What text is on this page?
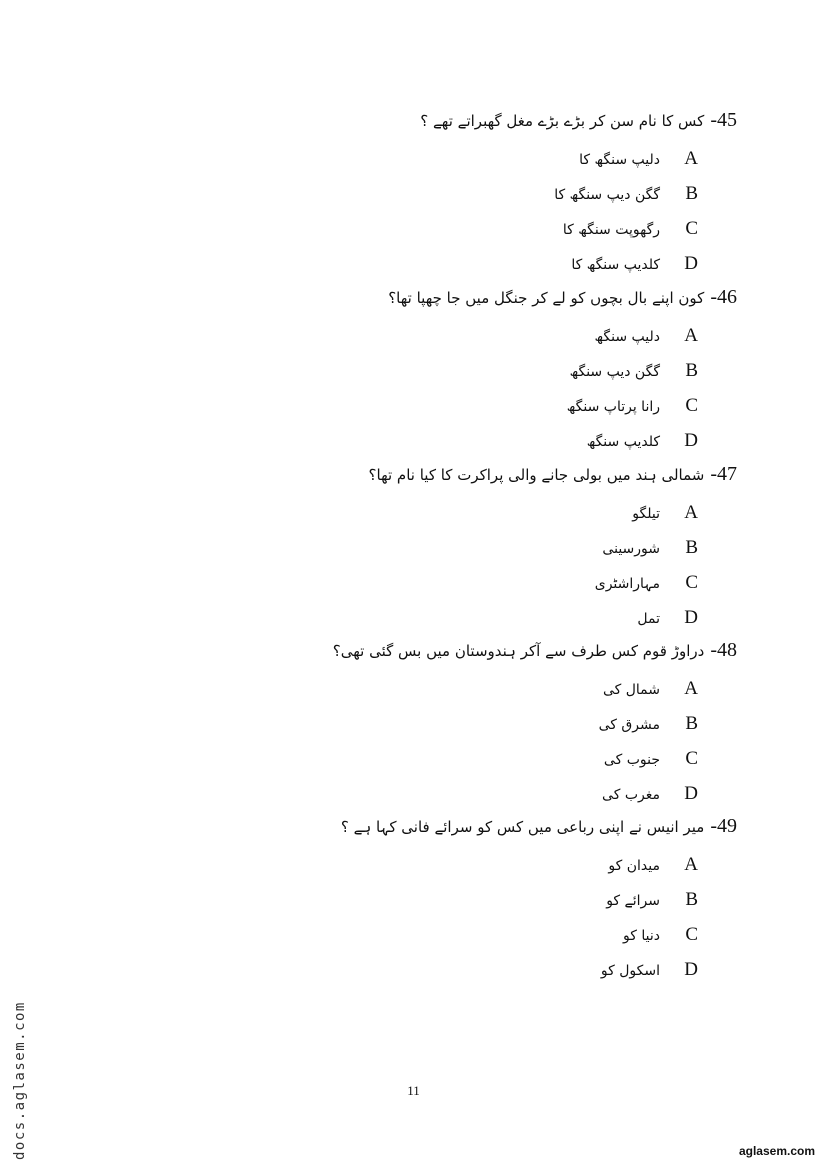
-45
کس کا نام سن کر بڑے بڑے مغل گھبراتے تھے ؟
A
دلیپ سنگھ کا
B
گگن دیپ سنگھ کا
C
رگھوپت سنگھ کا
D
کلدیپ سنگھ کا
-46
کون اپنے بال بچوں کو لے کر جنگل میں جا چھپا تھا؟
A
دلیپ سنگھ
B
گگن دیپ سنگھ
C
رانا پرتاپ سنگھ
D
کلدیپ سنگھ
-47
شمالی ہند میں بولی جانے والی پراکرت کا کیا نام تھا؟
A
تیلگو
B
شورسینی
C
مہاراشٹری
D
تمل
-48
دراوڑ قوم کس طرف سے آکر ہندوستان میں بس گئی تھی؟
A
شمال کی
B
مشرق کی
C
جنوب کی
D
مغرب کی
-49
میر انیس نے اپنی رباعی میں کس کو سرائے فانی کہا ہے ؟
A
میدان کو
B
سرائے کو
C
دنیا کو
D
اسکول کو
11
docs.aglasem.com	aglasem.com
